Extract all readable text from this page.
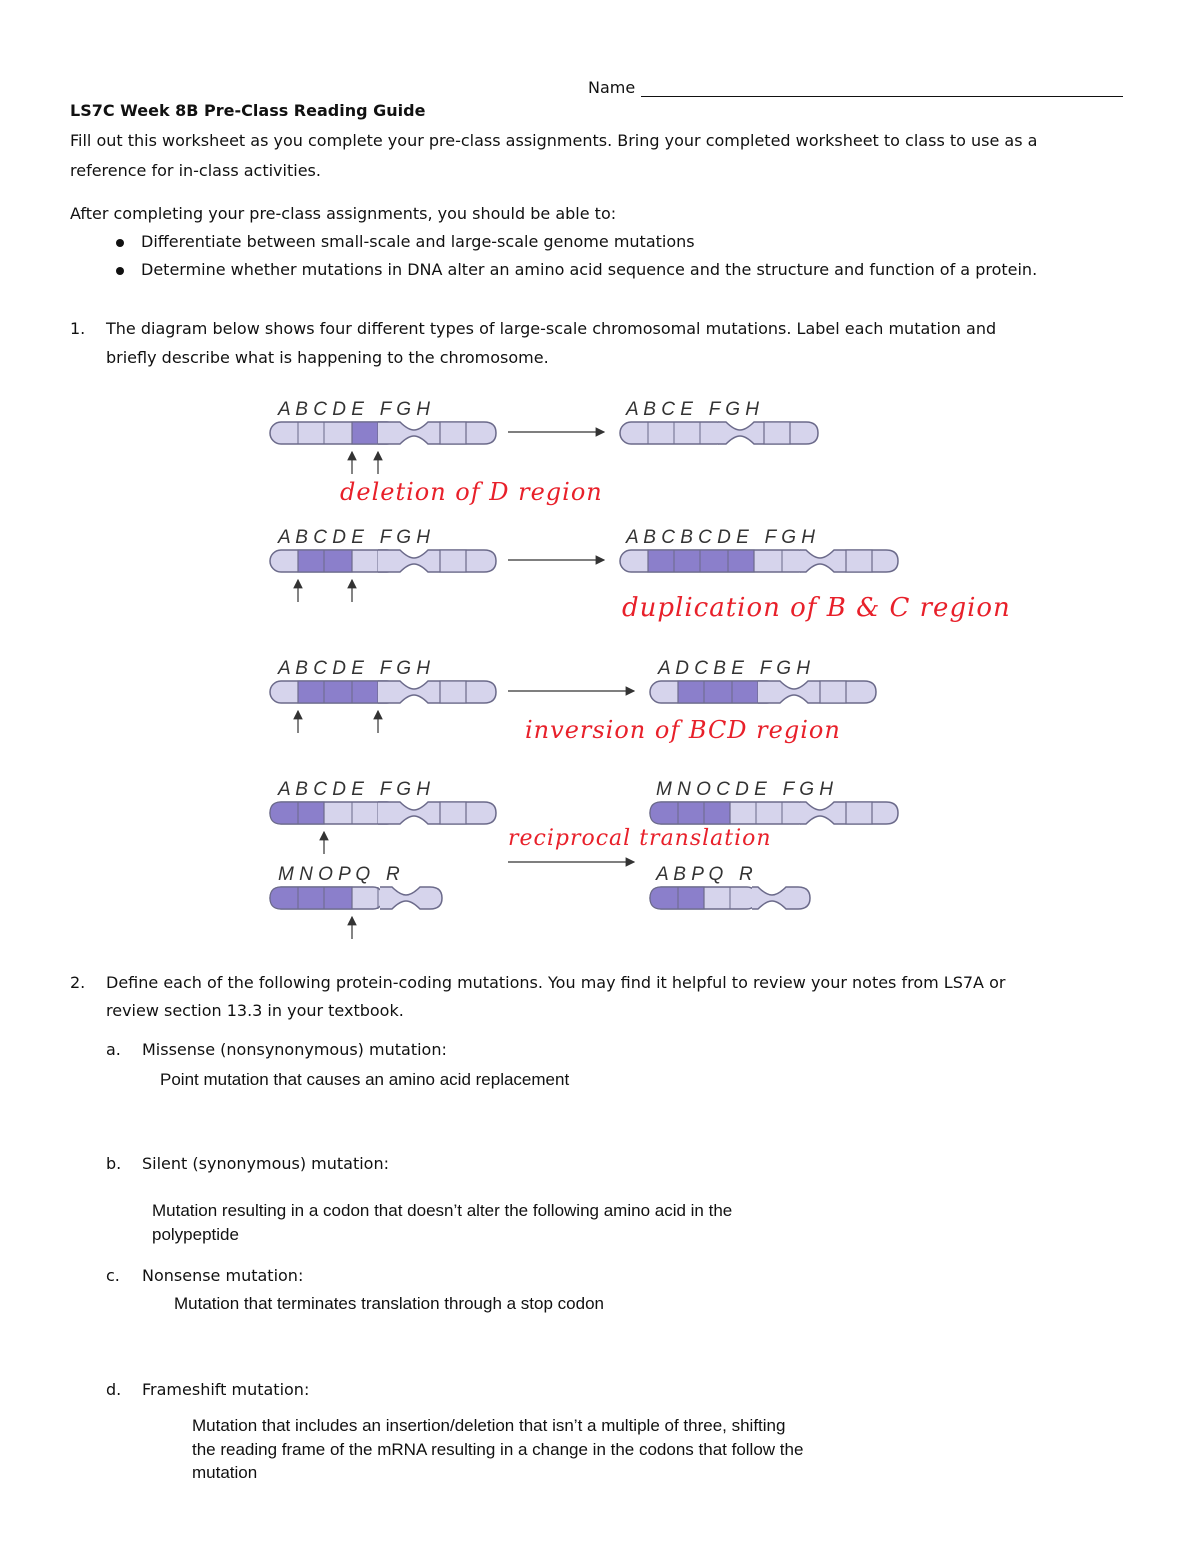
Name
LS7C Week 8B Pre-Class Reading Guide
Fill out this worksheet as you complete your pre-class assignments. Bring your completed worksheet to class to use as a
reference for in-class activities.
After completing your pre-class assignments, you should be able to:
Differentiate between small-scale and large-scale genome mutations
Determine whether mutations in DNA alter an amino acid sequence and the structure and function of a protein.
1. The diagram below shows four different types of large-scale chromosomal mutations. Label each mutation and
briefly describe what is happening to the chromosome.
A B C D E   F G H	A B C E   F G H
A B C D E   F G H	A B C B C D E   F G H
A B C D E   F G H	A D C B E   F G H
A B C D E   F G H	M N O C D E   F G H
M N O P Q   R	A B P Q   R
deletion of D region
duplication of B & C region
inversion of BCD region
reciprocal translation
2. Define each of the following protein-coding mutations. You may find it helpful to review your notes from LS7A or
review section 13.3 in your textbook.
a. Missense (nonsynonymous) mutation:
Point mutation that causes an amino acid replacement
b. Silent (synonymous) mutation:
Mutation resulting in a codon that doesn’t alter the following amino acid in the
polypeptide
c. Nonsense mutation:
Mutation that terminates translation through a stop codon
d. Frameshift mutation:
Mutation that includes an insertion/deletion that isn’t a multiple of three, shifting
the reading frame of the mRNA resulting in a change in the codons that follow the
mutation
